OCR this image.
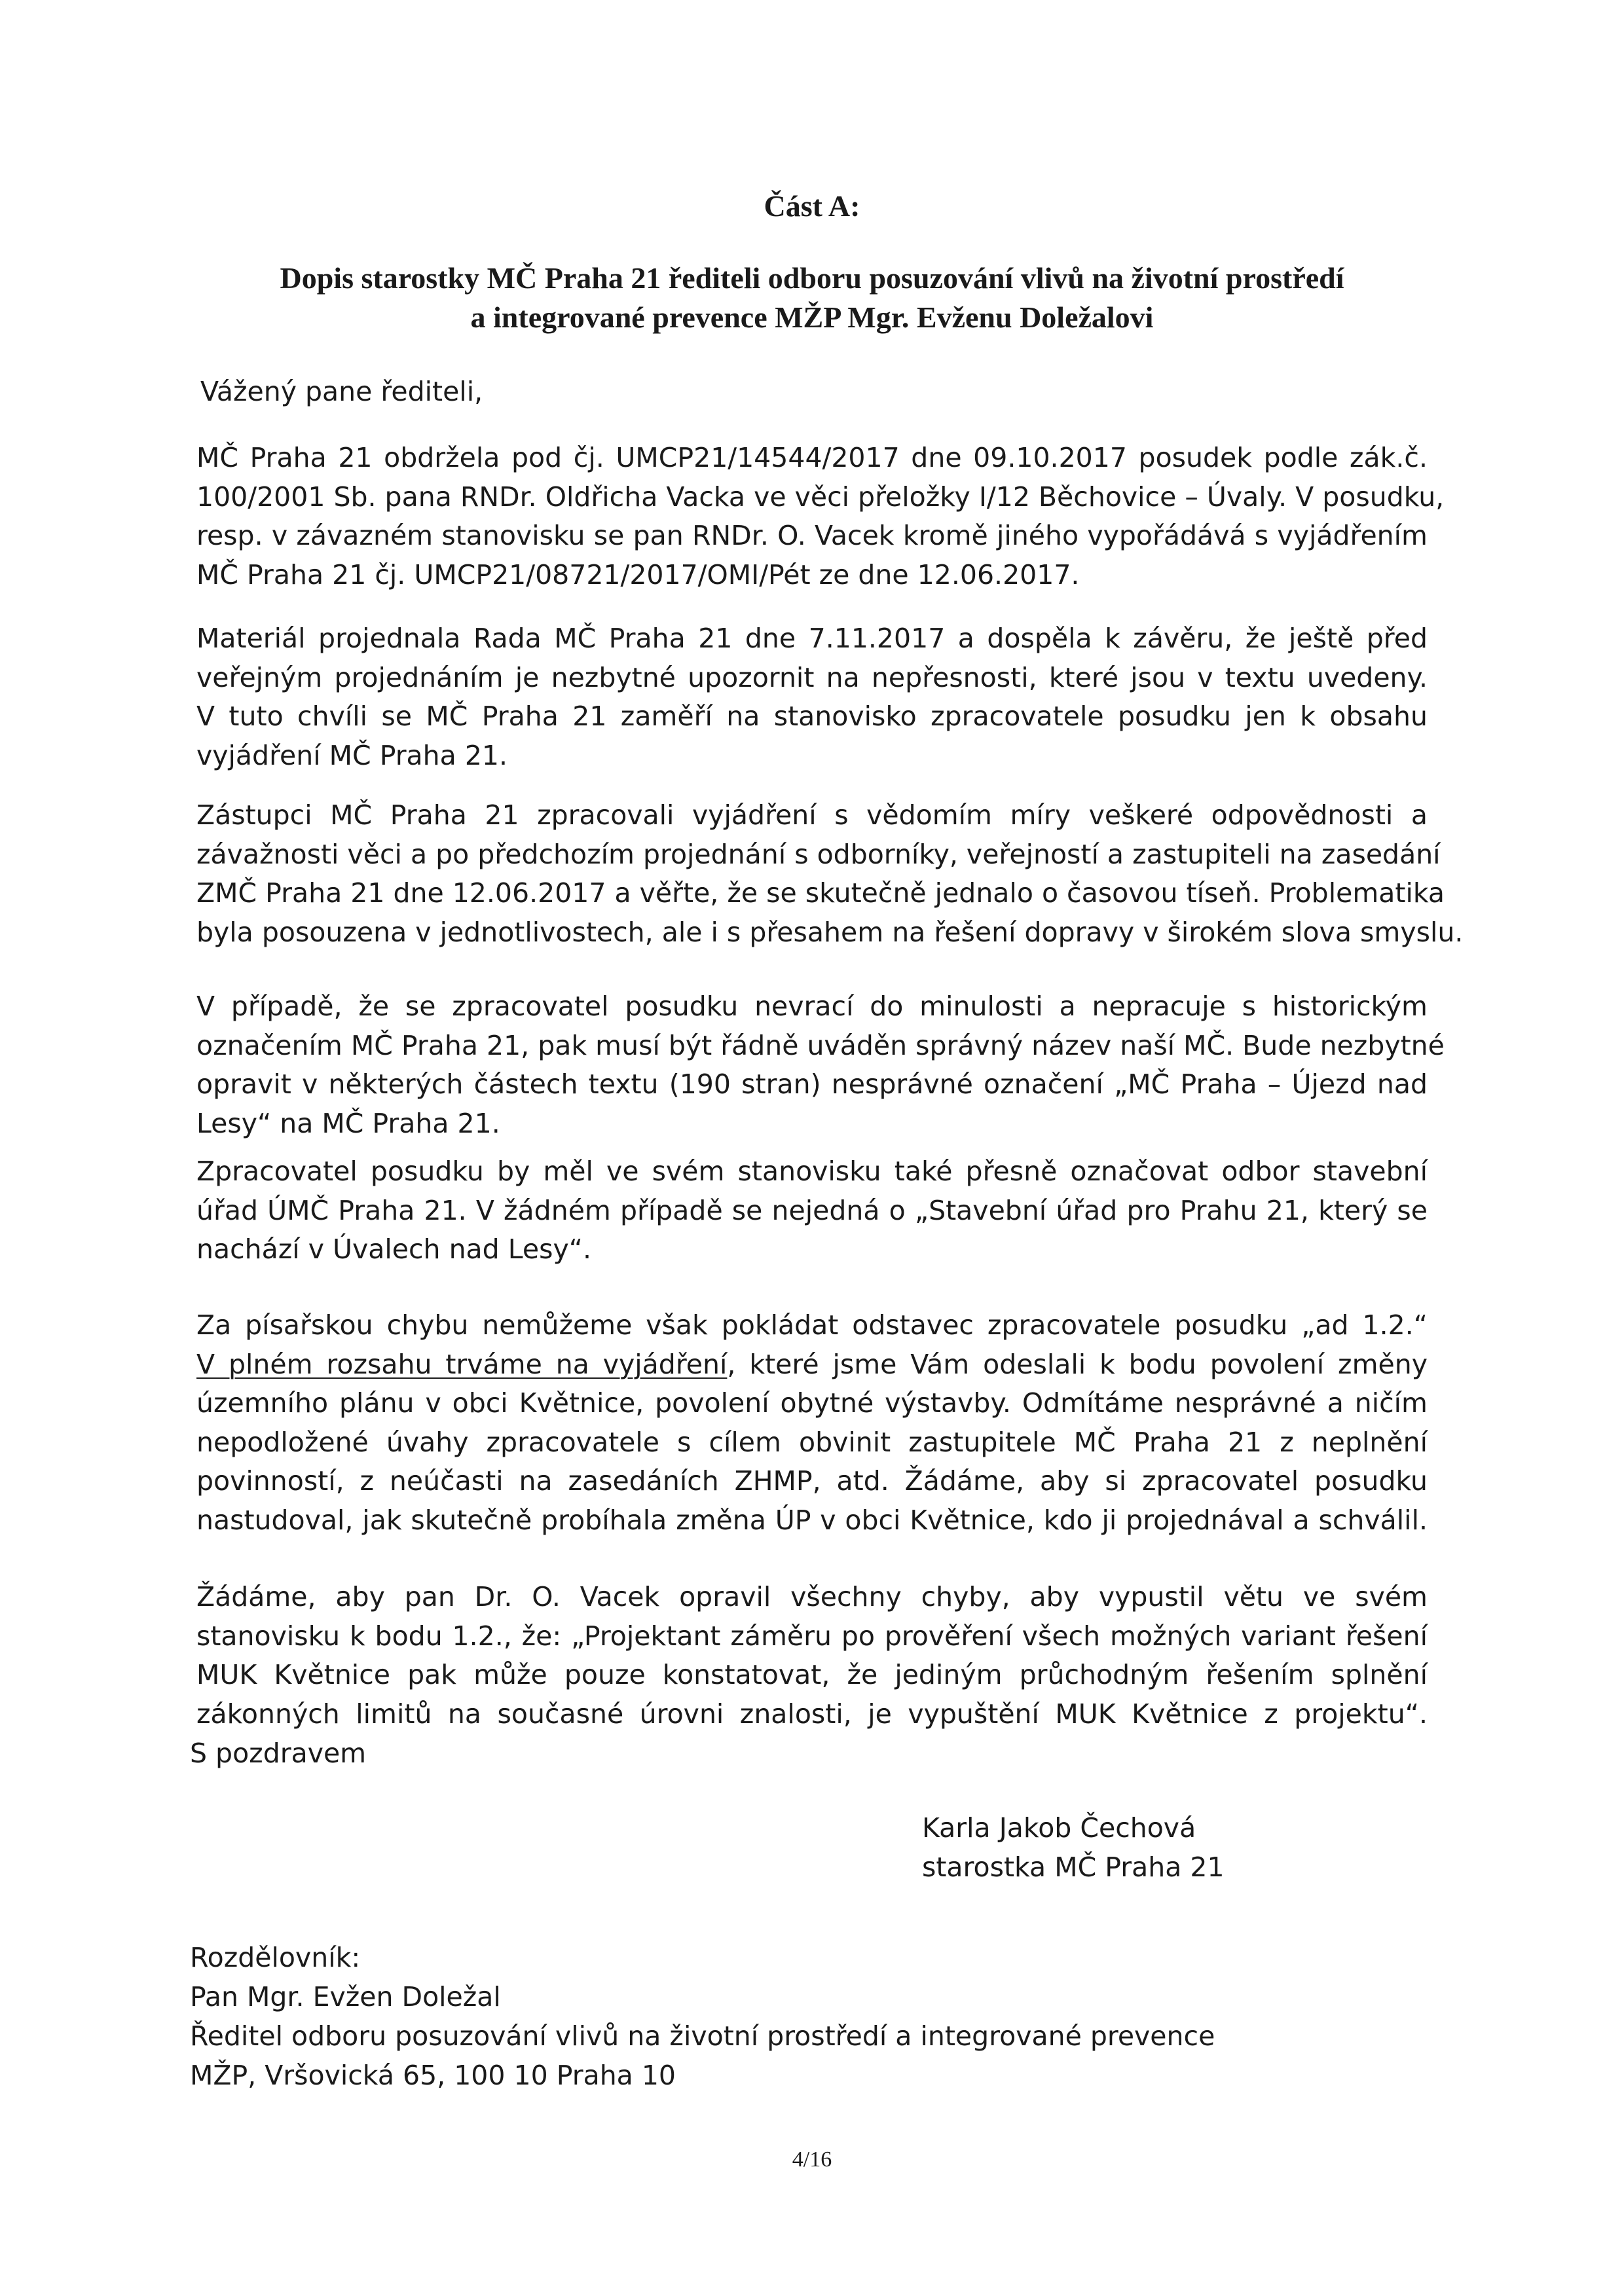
Část A:
Dopis starostky MČ Praha 21 řediteli odboru posuzování vlivů na životní prostředí
a integrované prevence MŽP Mgr. Evženu Doležalovi

Vážený pane řediteli,

MČ Praha 21 obdržela pod čj. UMCP21/14544/2017 dne 09.10.2017 posudek podle zák.č.
100/2001 Sb. pana RNDr. Oldřicha Vacka ve věci přeložky I/12 Běchovice – Úvaly. V posudku,
resp. v závazném stanovisku se pan RNDr. O. Vacek kromě jiného vypořádává s vyjádřením
MČ Praha 21 čj. UMCP21/08721/2017/OMI/Pét ze dne 12.06.2017.

Materiál projednala Rada MČ Praha 21 dne 7.11.2017 a dospěla k závěru, že ještě před
veřejným projednáním je nezbytné upozornit na nepřesnosti, které jsou v textu uvedeny.
V tuto chvíli se MČ Praha 21 zaměří na stanovisko zpracovatele posudku jen k obsahu
vyjádření MČ Praha 21.

Zástupci MČ Praha 21 zpracovali vyjádření s vědomím míry veškeré odpovědnosti a
závažnosti věci a po předchozím projednání s odborníky, veřejností a zastupiteli na zasedání
ZMČ Praha 21 dne 12.06.2017 a věřte, že se skutečně jednalo o časovou tíseň. Problematika
byla posouzena v jednotlivostech, ale i s přesahem na řešení dopravy v širokém slova smyslu.

V případě, že se zpracovatel posudku nevrací do minulosti a nepracuje s historickým
označením MČ Praha 21, pak musí být řádně uváděn správný název naší MČ. Bude nezbytné
opravit v některých částech textu (190 stran) nesprávné označení „MČ Praha – Újezd nad
Lesy“ na MČ Praha 21.

Zpracovatel posudku by měl ve svém stanovisku také přesně označovat odbor stavební
úřad ÚMČ Praha 21. V žádném případě se nejedná o „Stavební úřad pro Prahu 21, který se
nachází v Úvalech nad Lesy“.

Za písařskou chybu nemůžeme však pokládat odstavec zpracovatele posudku „ad 1.2.“
V plném rozsahu trváme na vyjádření, které jsme Vám odeslali k bodu povolení změny
územního plánu v obci Květnice, povolení obytné výstavby. Odmítáme nesprávné a ničím
nepodložené úvahy zpracovatele s cílem obvinit zastupitele MČ Praha 21 z neplnění
povinností, z neúčasti na zasedáních ZHMP, atd. Žádáme, aby si zpracovatel posudku
nastudoval, jak skutečně probíhala změna ÚP v obci Květnice, kdo ji projednával a schválil.

Žádáme, aby pan Dr. O. Vacek opravil všechny chyby, aby vypustil větu ve svém
stanovisku k bodu 1.2., že: „Projektant záměru po prověření všech možných variant řešení
MUK Květnice pak může pouze konstatovat, že jediným průchodným řešením splnění
zákonných limitů na současné úrovni znalosti, je vypuštění MUK Květnice z projektu“.

S pozdravem

Karla Jakob Čechová

starostka MČ Praha 21

Rozdělovník:

Pan Mgr. Evžen Doležal

Ředitel odboru posuzování vlivů na životní prostředí a integrované prevence

MŽP, Vršovická 65, 100 10 Praha 10

4/16
